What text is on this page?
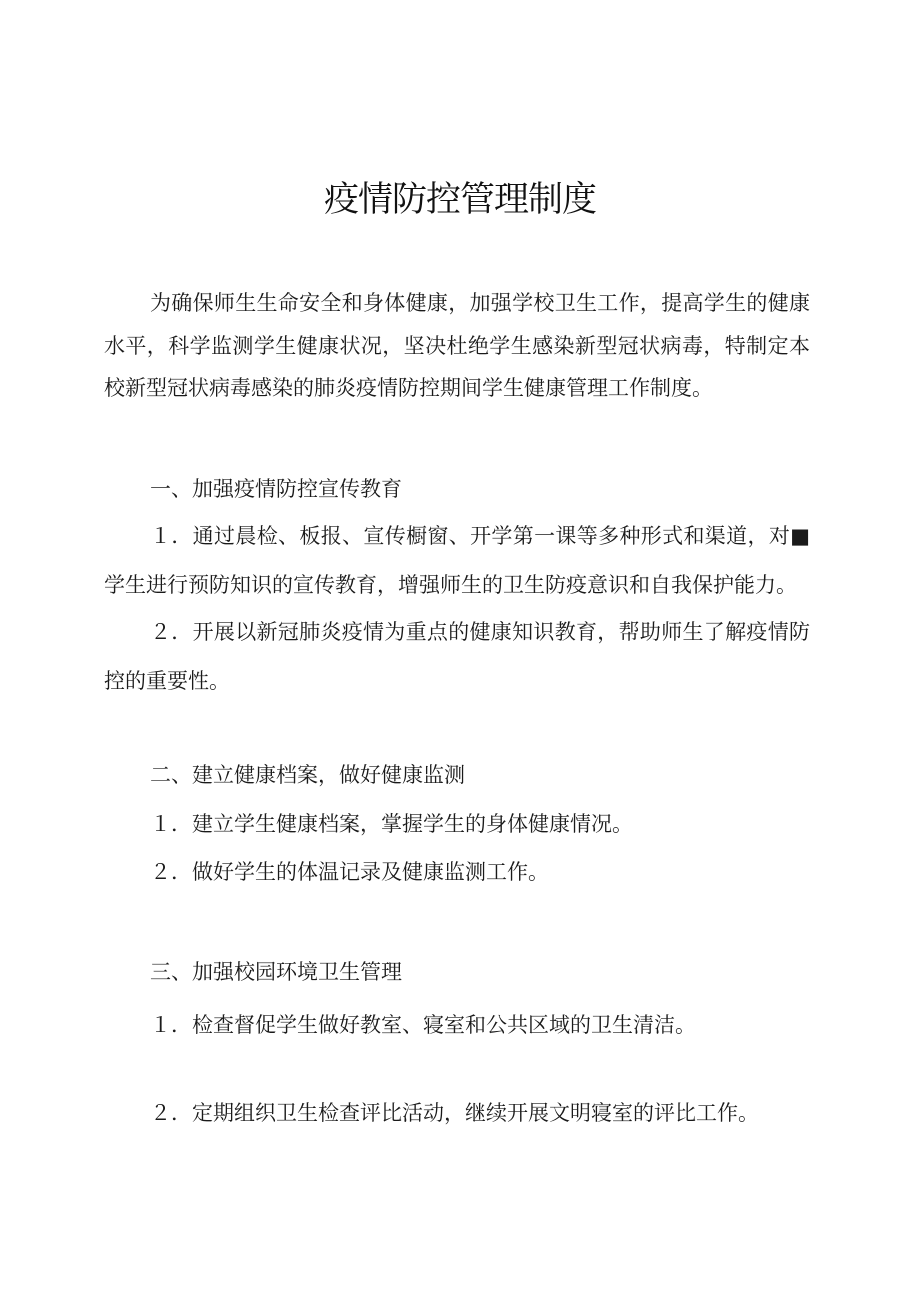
疫情防控管理制度
为确保师生生命安全和身体健康，加强学校卫生工作，提高学生的健康水平，科学监测学生健康状况，坚决杜绝学生感染新型冠状病毒，特制定本校新型冠状病毒感染的肺炎疫情防控期间学生健康管理工作制度。
一、加强疫情防控宣传教育
１．通过晨检、板报、宣传橱窗、开学第一课等多种形式和渠道，对■学生进行预防知识的宣传教育，增强师生的卫生防疫意识和自我保护能力。
２．开展以新冠肺炎疫情为重点的健康知识教育，帮助师生了解疫情防控的重要性。
二、建立健康档案，做好健康监测
１．建立学生健康档案，掌握学生的身体健康情况。
２．做好学生的体温记录及健康监测工作。
三、加强校园环境卫生管理
１．检查督促学生做好教室、寝室和公共区域的卫生清洁。
２．定期组织卫生检查评比活动，继续开展文明寝室的评比工作。
